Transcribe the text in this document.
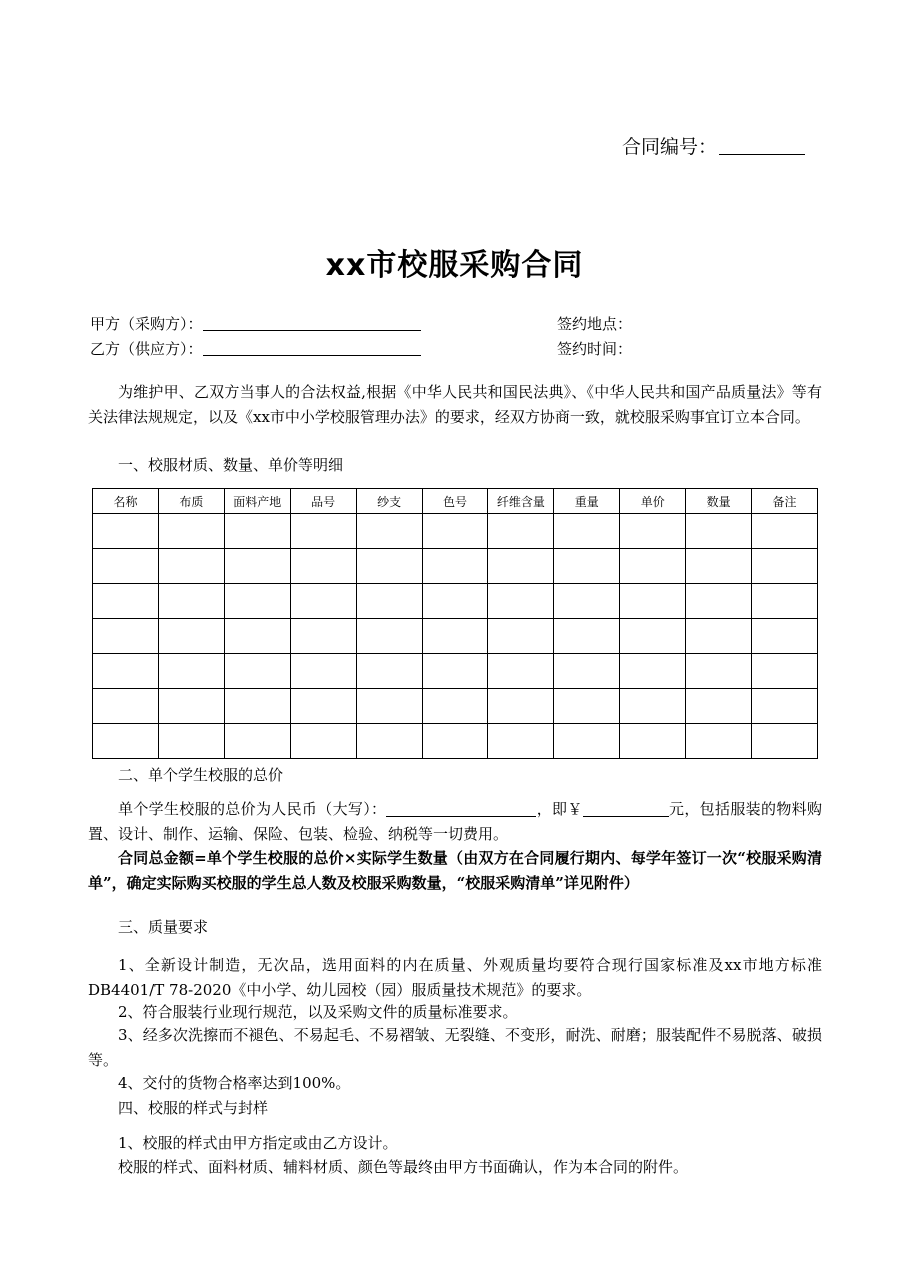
合同编号：
xx市校服采购合同
甲方（采购方）：	签约地点：
乙方（供应方）：	签约时间：

为维护甲、乙双方当事人的合法权益,根据《中华人民共和国民法典》、《中华人民共和国产品质量法》等有关法律法规规定，以及《xx市中小学校服管理办法》的要求，经双方协商一致，就校服采购事宜订立本合同。

一、校服材质、数量、单价等明细

名称	布质	面料产地	品号	纱支	色号	纤维含量	重量	单价	数量	备注

二、单个学生校服的总价

单个学生校服的总价为人民币（大写）：	，即￥	元，包括服装的物料购置、设计、制作、运输、保险、包装、检验、纳税等一切费用。

合同总金额=单个学生校服的总价×实际学生数量（由双方在合同履行期内、每学年签订一次“校服采购清单”，确定实际购买校服的学生总人数及校服采购数量，“校服采购清单”详见附件）

三、质量要求

1、全新设计制造，无次品，选用面料的内在质量、外观质量均要符合现行国家标准及xx市地方标准DB4401/T 78-2020《中小学、幼儿园校（园）服质量技术规范》的要求。

2、符合服装行业现行规范，以及采购文件的质量标准要求。

3、经多次洗擦而不褪色、不易起毛、不易褶皱、无裂缝、不变形，耐洗、耐磨；服装配件不易脱落、破损等。

4、交付的货物合格率达到100%。

四、校服的样式与封样

1、校服的样式由甲方指定或由乙方设计。

校服的样式、面料材质、辅料材质、颜色等最终由甲方书面确认，作为本合同的附件。
